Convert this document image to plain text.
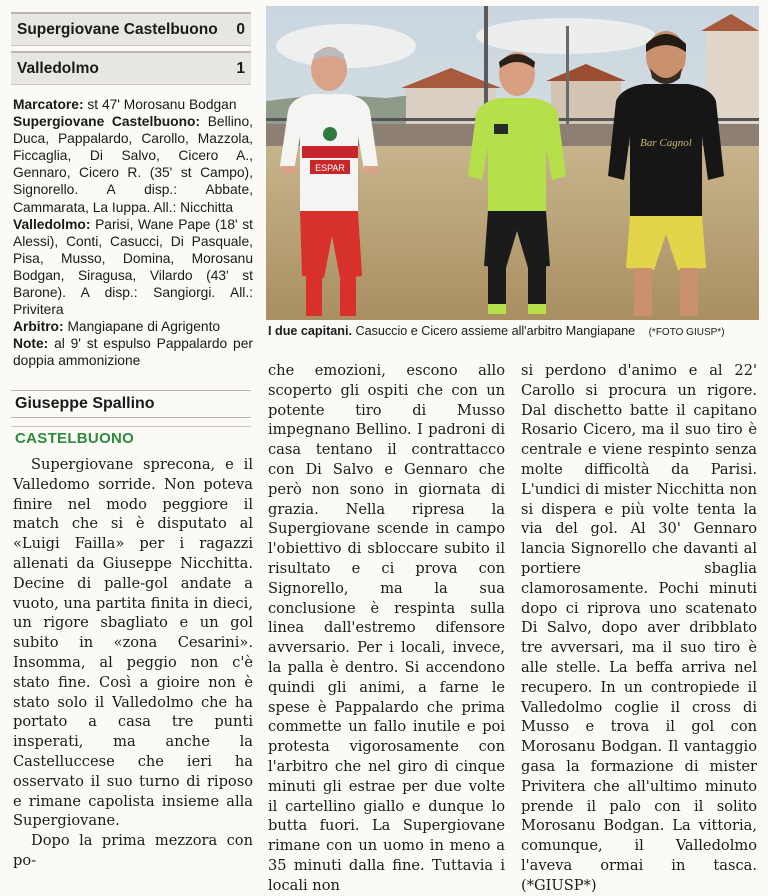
Supergiovane Castelbuono	0
Valledolmo	1

Marcatore: st 47' Morosanu Bodgan

Supergiovane Castelbuono: Bellino, Duca, Pappalardo, Carollo, Mazzola, Ficcaglia, Di Salvo, Cicero A., Gennaro, Cicero R. (35' st Campo), Signorello. A disp.: Abbate, Cammarata, La Iuppa. All.: Nicchitta

Valledolmo: Parisi, Wane Pape (18' st Alessi), Conti, Casucci, Di Pasquale, Pisa, Musso, Domina, Morosanu Bodgan, Siragusa, Vilardo (43' st Barone). A disp.: Sangiorgi. All.: Privitera

Arbitro: Mangiapane di Agrigento

Note: al 9' st espulso Pappalardo per doppia ammonizione

Giuseppe Spallino
CASTELBUONO

Supergiovane sprecona, e il Valledomo sorride. Non poteva finire nel modo peggiore il match che si è disputato al «Luigi Failla» per i ragazzi allenati da Giuseppe Nicchitta. Decine di palle-gol andate a vuoto, una partita finita in dieci, un rigore sbagliato e un gol subito in «zona Cesarini». Insomma, al peggio non c'è stato fine. Così a gioire non è stato solo il Valledolmo che ha portato a casa tre punti insperati, ma anche la Castelluccese che ieri ha osservato il suo turno di riposo e rimane capolista insieme alla Supergiovane.

Dopo la prima mezzora con po-

che emozioni, escono allo scoperto gli ospiti che con un potente tiro di Musso impegnano Bellino. I padroni di casa tentano il contrattacco con Di Salvo e Gennaro che però non sono in giornata di grazia. Nella ripresa la Supergiovane scende in campo l'obiettivo di sbloccare subito il risultato e ci prova con Signorello, ma la sua conclusione è respinta sulla linea dall'estremo difensore avversario. Per i locali, invece, la palla è dentro. Si accendono quindi gli animi, a farne le spese è Pappalardo che prima commette un fallo inutile e poi protesta vigorosamente con l'arbitro che nel giro di cinque minuti gli estrae per due volte il cartellino giallo e dunque lo butta fuori. La Supergiovane rimane con un uomo in meno a 35 minuti dalla fine. Tuttavia i locali non

si perdono d'animo e al 22' Carollo si procura un rigore. Dal dischetto batte il capitano Rosario Cicero, ma il suo tiro è centrale e viene respinto senza molte difficoltà da Parisi. L'undici di mister Nicchitta non si dispera e più volte tenta la via del gol. Al 30' Gennaro lancia Signorello che davanti al portiere sbaglia clamorosamente. Pochi minuti dopo ci riprova uno scatenato Di Salvo, dopo aver dribblato tre avversari, ma il suo tiro è alle stelle. La beffa arriva nel recupero. In un contropiede il Valledolmo coglie il cross di Musso e trova il gol con Morosanu Bodgan. Il vantaggio gasa la formazione di mister Privitera che all'ultimo minuto prende il palo con il solito Morosanu Bodgan. La vittoria, comunque, il Valledolmo l'aveva ormai in tasca. (*GIUSP*)

ESPAR
Bar Cagnol
I due capitani. Casuccio e Cicero assieme all'arbitro Mangiapane (*FOTO GIUSP*)
